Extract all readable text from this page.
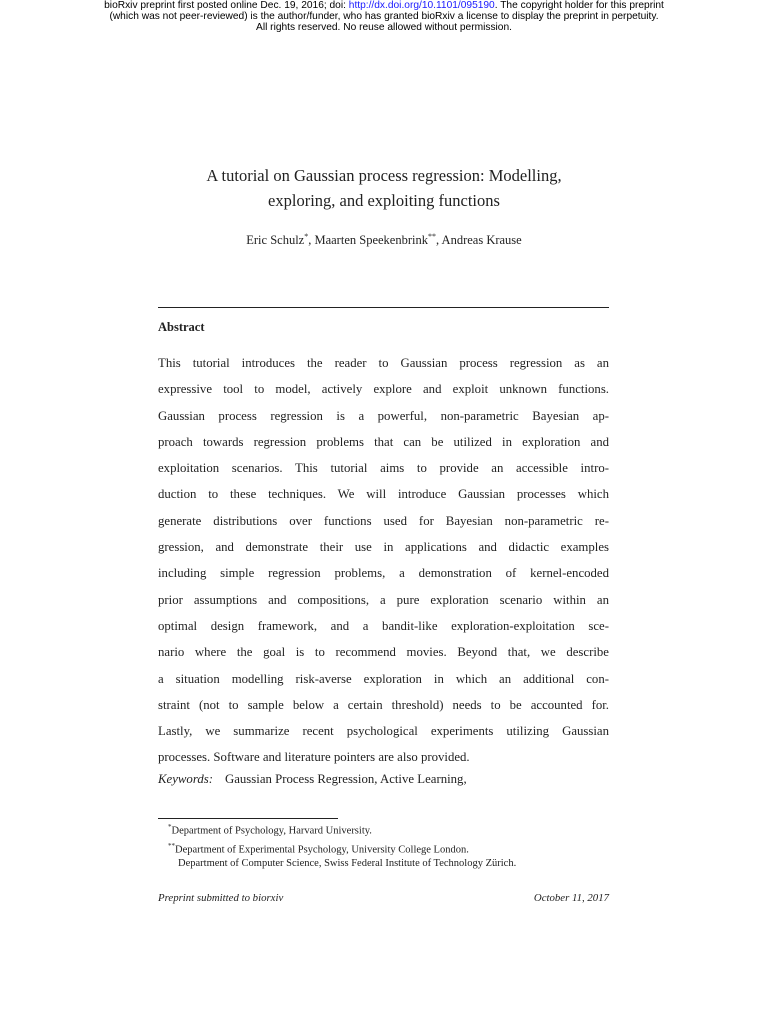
bioRxiv preprint first posted online Dec. 19, 2016; doi: http://dx.doi.org/10.1101/095190. The copyright holder for this preprint
(which was not peer-reviewed) is the author/funder, who has granted bioRxiv a license to display the preprint in perpetuity.
All rights reserved. No reuse allowed without permission.
A tutorial on Gaussian process regression: Modelling,
exploring, and exploiting functions
Eric Schulz*, Maarten Speekenbrink**, Andreas Krause
Abstract
This tutorial introduces the reader to Gaussian process regression as an
expressive tool to model, actively explore and exploit unknown functions.
Gaussian process regression is a powerful, non-parametric Bayesian ap-
proach towards regression problems that can be utilized in exploration and
exploitation scenarios. This tutorial aims to provide an accessible intro-
duction to these techniques. We will introduce Gaussian processes which
generate distributions over functions used for Bayesian non-parametric re-
gression, and demonstrate their use in applications and didactic examples
including simple regression problems, a demonstration of kernel-encoded
prior assumptions and compositions, a pure exploration scenario within an
optimal design framework, and a bandit-like exploration-exploitation sce-
nario where the goal is to recommend movies. Beyond that, we describe
a situation modelling risk-averse exploration in which an additional con-
straint (not to sample below a certain threshold) needs to be accounted for.
Lastly, we summarize recent psychological experiments utilizing Gaussian
processes. Software and literature pointers are also provided.
Keywords: Gaussian Process Regression, Active Learning,
*Department of Psychology, Harvard University.
**Department of Experimental Psychology, University College London.
Department of Computer Science, Swiss Federal Institute of Technology Zürich.
Preprint submitted to biorxiv	October 11, 2017
